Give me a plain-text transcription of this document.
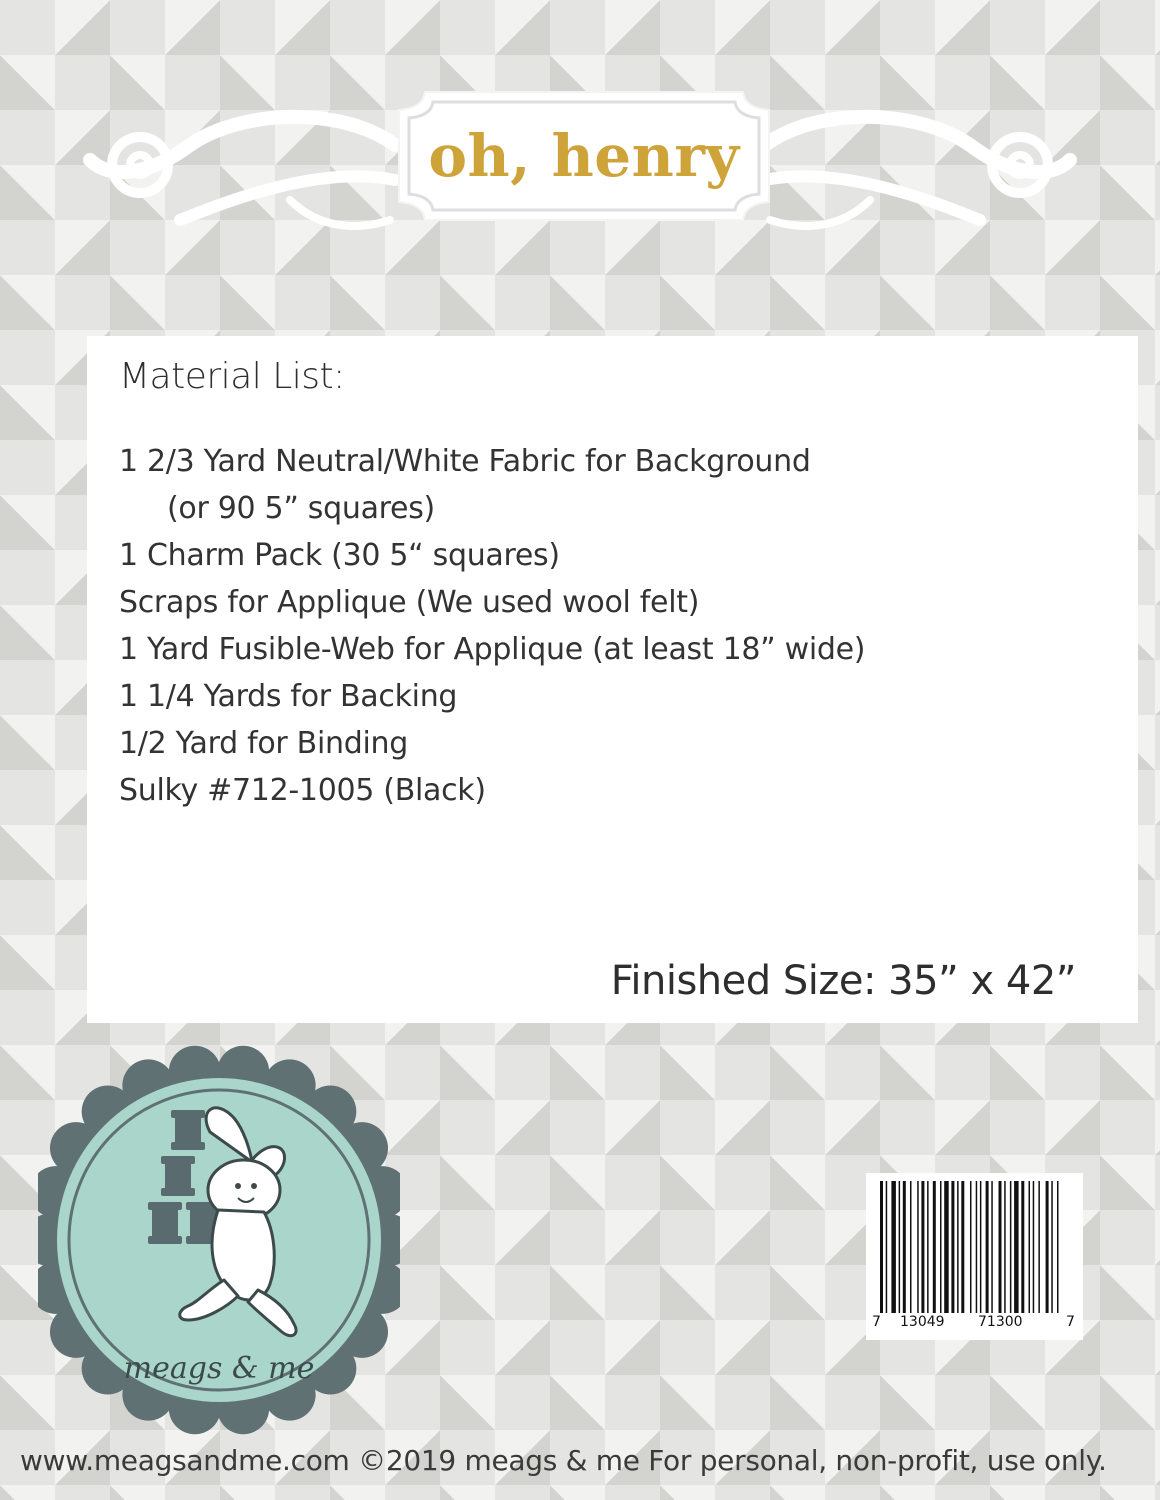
oh, henry
Material List:
1 2/3 Yard Neutral/White Fabric for Background
(or 90 5” squares)
1 Charm Pack (30 5“ squares)
Scraps for Applique (We used wool felt)
1 Yard Fusible-Web for Applique (at least 18” wide)
1 1/4 Yards for Backing
1/2 Yard for Binding
Sulky #712-1005 (Black)
Finished Size: 35” x 42”
meags & me
7 13049 71300	7
www.meagsandme.com ©2019 meags & me For personal, non-profit, use only.
